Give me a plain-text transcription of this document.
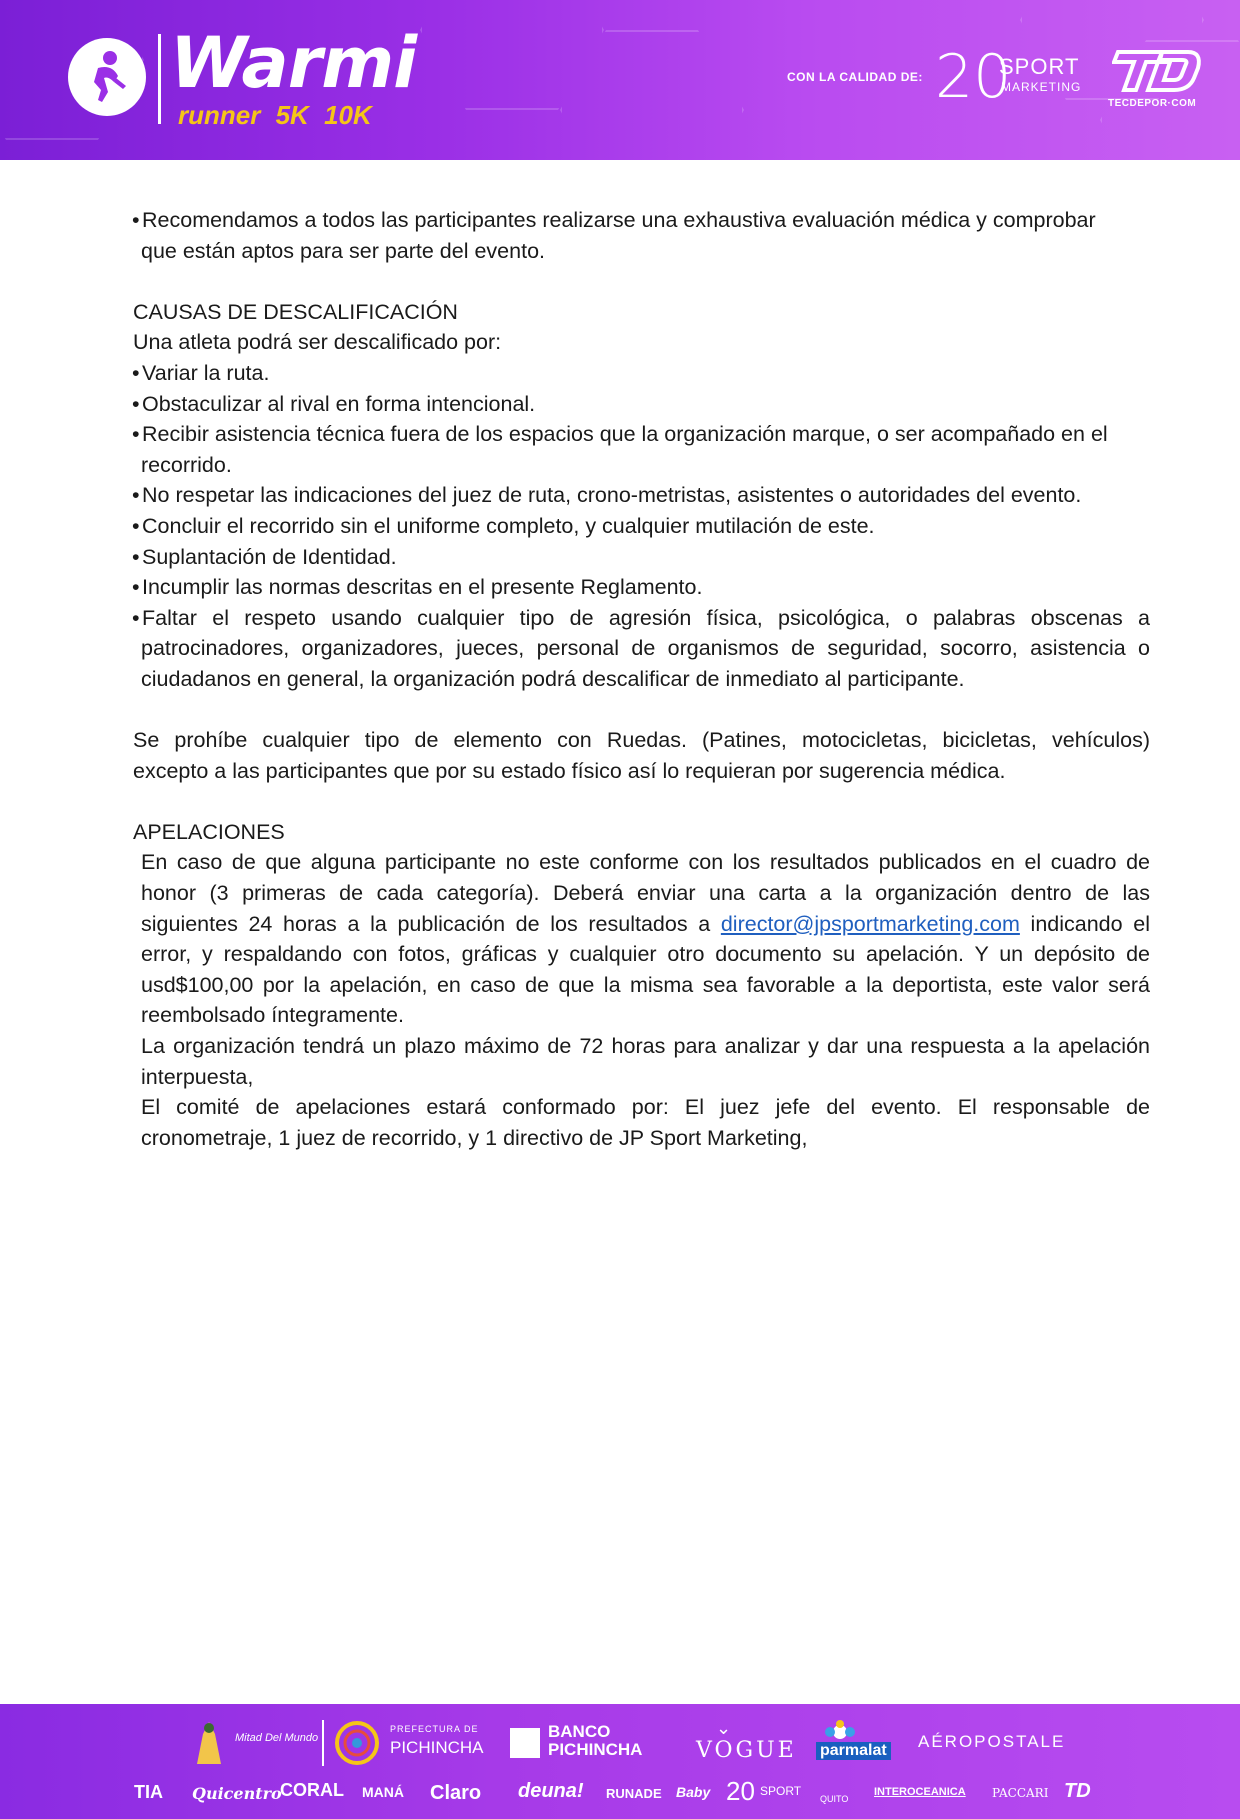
Warmi
runner 5K 10K
CON LA CALIDAD DE: 20
SPORT
MARKETING
TECDEPOR·COM

• Recomendamos a todos las participantes realizarse una exhaustiva evaluación médica y comprobar

que están aptos para ser parte del evento.

CAUSAS DE DESCALIFICACIÓN

Una atleta podrá ser descalificado por:

• Variar la ruta.

• Obstaculizar al rival en forma intencional.

• Recibir asistencia técnica fuera de los espacios que la organización marque, o ser acompañado en el

recorrido.

• No respetar las indicaciones del juez de ruta, crono-metristas, asistentes o autoridades del evento.

• Concluir el recorrido sin el uniforme completo, y cualquier mutilación de este.

• Suplantación de Identidad.

• Incumplir las normas descritas en el presente Reglamento.

• Faltar el respeto usando cualquier tipo de agresión física, psicológica, o palabras obscenas a

patrocinadores, organizadores, jueces, personal de organismos de seguridad, socorro, asistencia o

ciudadanos en general, la organización podrá descalificar de inmediato al participante.

Se prohíbe cualquier tipo de elemento con Ruedas. (Patines, motocicletas, bicicletas, vehículos)

excepto a las participantes que por su estado físico así lo requieran por sugerencia médica.

APELACIONES

En caso de que alguna participante no este conforme con los resultados publicados en el cuadro de

honor (3 primeras de cada categoría). Deberá enviar una carta a la organización dentro de las

siguientes 24 horas a la publicación de los resultados a director@jpsportmarketing.com indicando el

error, y respaldando con fotos, gráficas y cualquier otro documento su apelación. Y un depósito de

usd$100,00 por la apelación, en caso de que la misma sea favorable a la deportista, este valor será

reembolsado íntegramente.

La organización tendrá un plazo máximo de 72 horas para analizar y dar una respuesta a la apelación

interpuesta,

El comité de apelaciones estará conformado por: El juez jefe del evento. El responsable de

cronometraje, 1 juez de recorrido, y 1 directivo de JP Sport Marketing,

Mitad Del Mundo
PREFECTURA DE
PICHINCHA
BANCO
PICHINCHA VOGUE
⌄
parmalat AÉROPOSTALE
TIA Quicentro
CORAL MANÁ Claro deuna! RUNADE Baby 20 SPORT
QUITO
INTEROCEANICA PACCARI TD
